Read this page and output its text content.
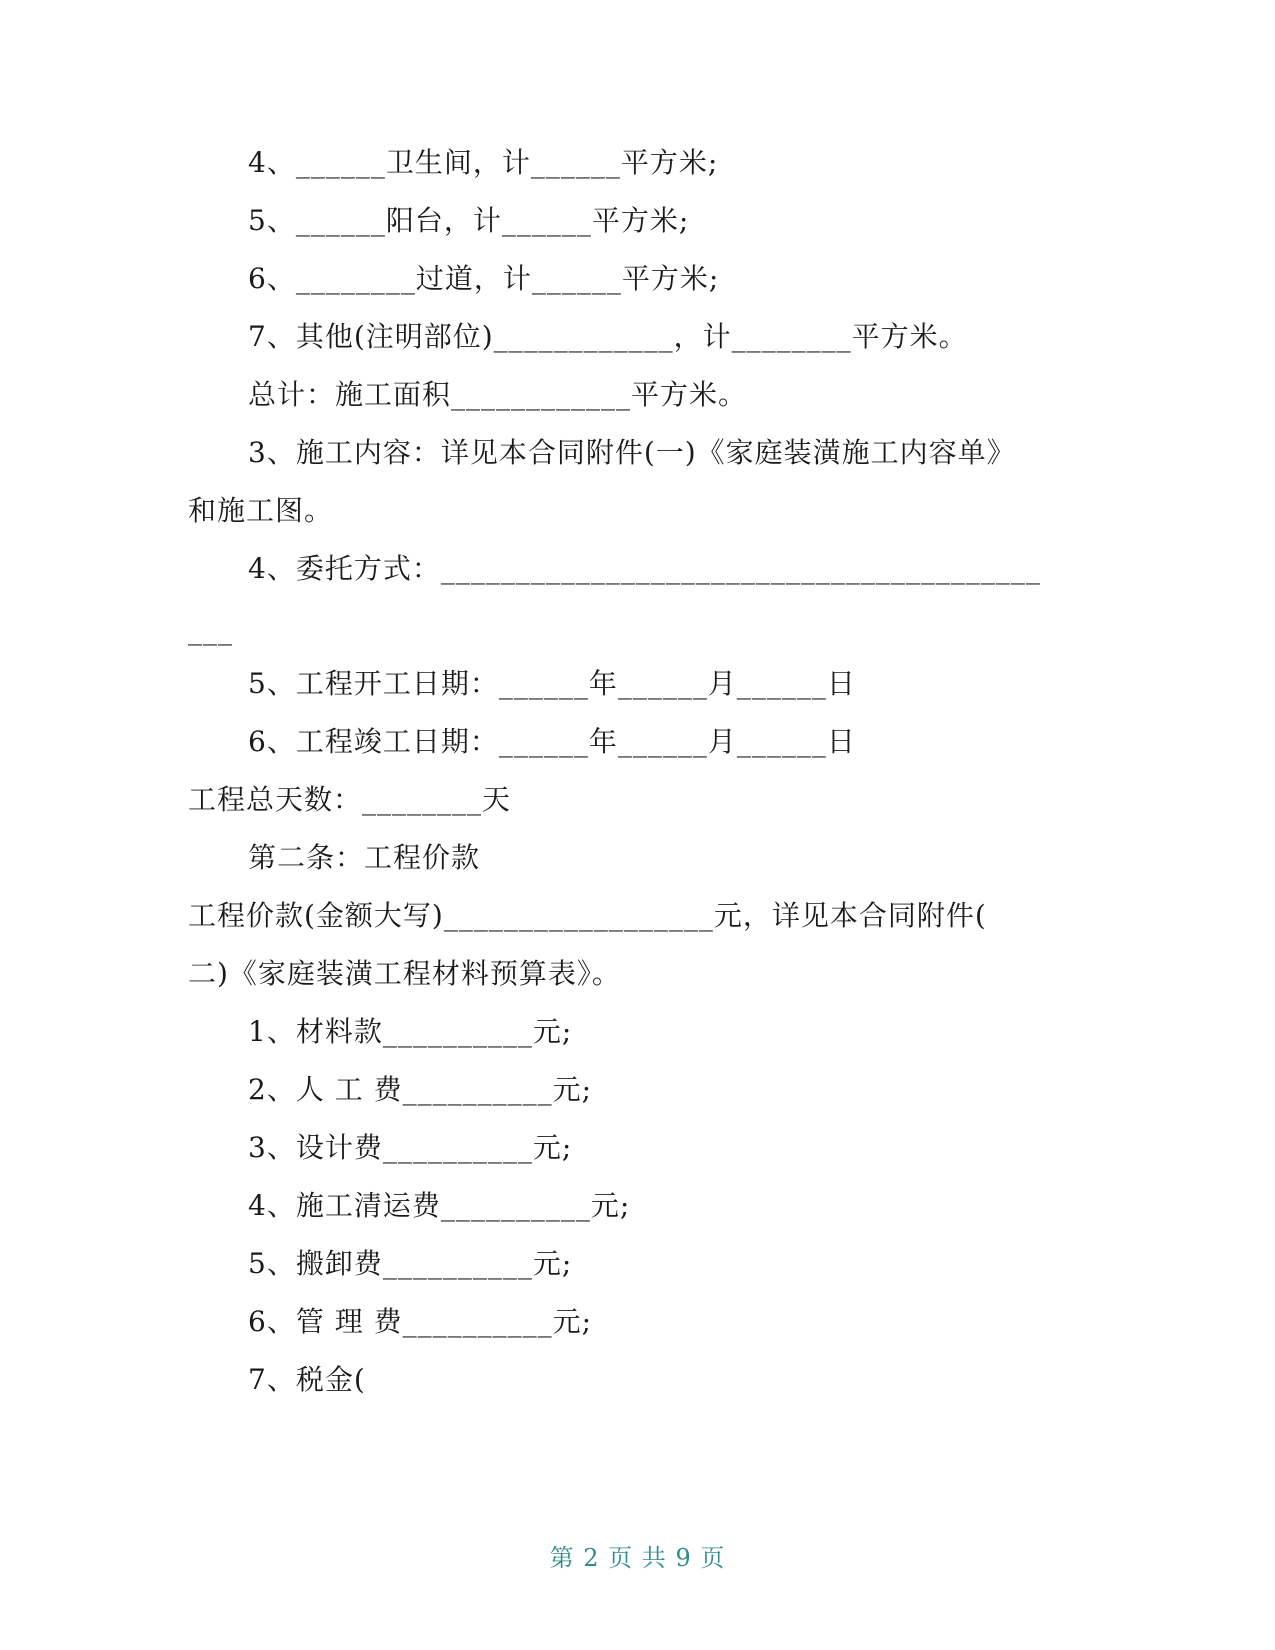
4、______卫生间，计______平方米;
5、______阳台，计______平方米;
6、________过道，计______平方米;
7、其他(注明部位)____________，计________平方米。
总计：施工面积____________平方米。
3、施工内容：详见本合同附件(一)《家庭装潢施工内容单》
和施工图。
4、委托方式：________________________________________
___
5、工程开工日期：______年______月______日
6、工程竣工日期：______年______月______日
工程总天数：________天
第二条：工程价款
工程价款(金额大写)__________________元，详见本合同附件(
二)《家庭装潢工程材料预算表》。
1、材料款__________元;
2、人 工 费__________元;
3、设计费__________元;
4、施工清运费__________元;
5、搬卸费__________元;
6、管 理 费__________元;
7、税金(
第 2 页 共 9 页
